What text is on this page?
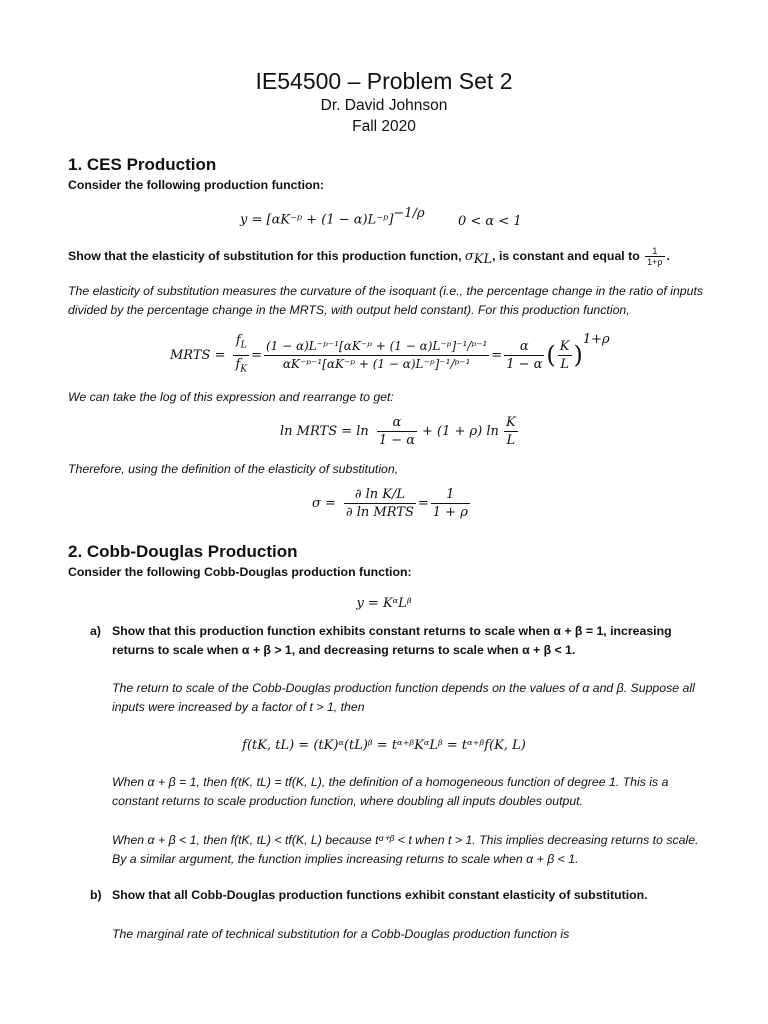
IE54500 – Problem Set 2
Dr. David Johnson
Fall 2020
1. CES Production
Consider the following production function:
y = [αK⁻ᵖ + (1 − α)L⁻ᵖ]$^{-1/\rho}$
0 < α < 1
Show that the elasticity of substitution for this production function, $\sigma_{KL}$, is constant and equal to $\frac{1}{1+\rho}$ .
The elasticity of substitution measures the curvature of the isoquant (i.e., the percentage change in the ratio of inputs divided by the percentage change in the MRTS, with output held constant). For this production function,
MRTS = $\frac{f_L}{f_K} = \frac{\text{(1 − α)L⁻ᵖ⁻¹[αK⁻ᵖ + (1 − α)L⁻ᵖ]⁻¹/ᵖ⁻¹}}{\text{αK⁻ᵖ⁻¹[αK⁻ᵖ + (1 − α)L⁻ᵖ]⁻¹/ᵖ⁻¹}} = \frac{\alpha}{1 - \alpha}$ ( $\frac{K}{L}$ )
$^{1+\rho}$
We can take the log of this expression and rearrange to get:
ln MRTS = $\ln \frac{\alpha}{1 - \alpha} + (1 + \rho)$ $\ln \frac{K}{L}$
Therefore, using the definition of the elasticity of substitution,
$\sigma = \frac{\text{∂ ln K/L}}{\text{∂ ln MRTS}} = \frac{1}{1 + \rho}$
2. Cobb-Douglas Production
Consider the following Cobb-Douglas production function:
y = KᵅLᵝ
a) Show that this production function exhibits constant returns to scale when α + β = 1, increasing
returns to scale when α + β > 1, and decreasing returns to scale when α + β < 1.
The return to scale of the Cobb-Douglas production function depends on the values of α and β. Suppose all inputs were increased by a factor of t > 1, then
f(tK, tL) = (tK)ᵅ(tL)ᵝ = tᵅ⁺ᵝKᵅLᵝ = tᵅ⁺ᵝf(K, L)
When α + β = 1, then f(tK, tL) = tf(K, L), the definition of a homogeneous function of degree 1. This is a constant returns to scale production function, where doubling all inputs doubles output.
When α + β < 1, then f(tK, tL) < tf(K, L) because tᵅ⁺ᵝ < t when t > 1. This implies decreasing returns to scale. By a similar argument, the function implies increasing returns to scale when α + β < 1.
b) Show that all Cobb-Douglas production functions exhibit constant elasticity of substitution.
The marginal rate of technical substitution for a Cobb-Douglas production function is
